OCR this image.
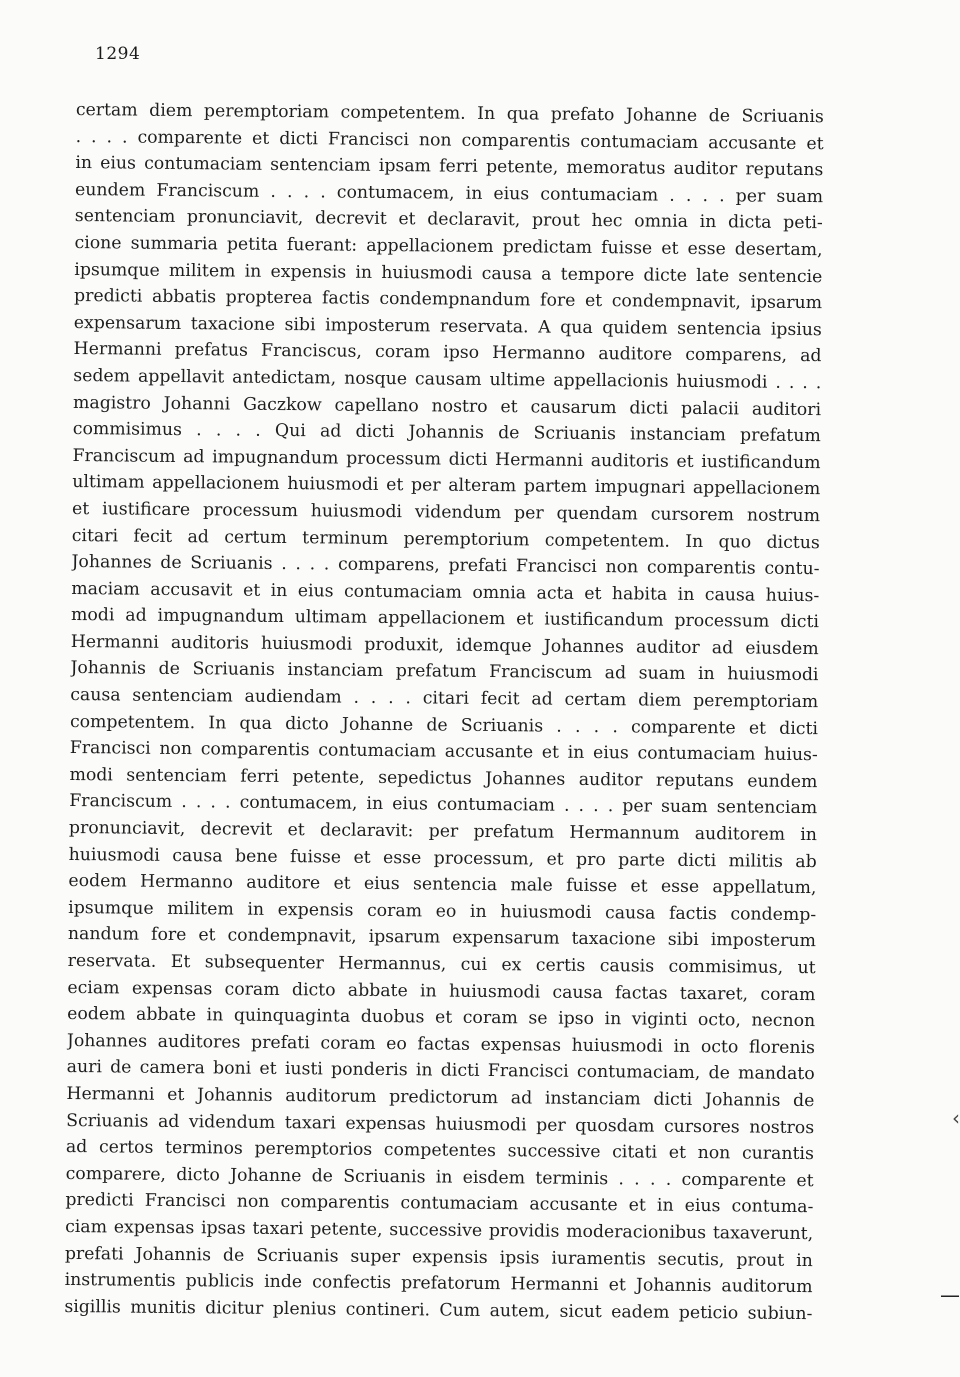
1294
certam diem peremptoriam competentem. In qua prefato Johanne de Scriuanis
. . . . comparente et dicti Francisci non comparentis contumaciam accusante et
in eius contumaciam sentenciam ipsam ferri petente, memoratus auditor reputans
eundem Franciscum . . . . contumacem, in eius contumaciam . . . . per suam
sentenciam pronunciavit, decrevit et declaravit, prout hec omnia in dicta peti-
cione summaria petita fuerant: appellacionem predictam fuisse et esse desertam,
ipsumque militem in expensis in huiusmodi causa a tempore dicte late sentencie
predicti abbatis propterea factis condempnandum fore et condempnavit, ipsarum
expensarum taxacione sibi imposterum reservata. A qua quidem sentencia ipsius
Hermanni prefatus Franciscus, coram ipso Hermanno auditore comparens, ad
sedem appellavit antedictam, nosque causam ultime appellacionis huiusmodi . . . .
magistro Johanni Gaczkow capellano nostro et causarum dicti palacii auditori
commisimus . . . . Qui ad dicti Johannis de Scriuanis instanciam prefatum
Franciscum ad impugnandum processum dicti Hermanni auditoris et iustificandum
ultimam appellacionem huiusmodi et per alteram partem impugnari appellacionem
et iustificare processum huiusmodi videndum per quendam cursorem nostrum
citari fecit ad certum terminum peremptorium competentem. In quo dictus
Johannes de Scriuanis . . . . comparens, prefati Francisci non comparentis contu-
maciam accusavit et in eius contumaciam omnia acta et habita in causa huius-
modi ad impugnandum ultimam appellacionem et iustificandum processum dicti
Hermanni auditoris huiusmodi produxit, idemque Johannes auditor ad eiusdem
Johannis de Scriuanis instanciam prefatum Franciscum ad suam in huiusmodi
causa sentenciam audiendam . . . . citari fecit ad certam diem peremptoriam
competentem. In qua dicto Johanne de Scriuanis . . . . comparente et dicti
Francisci non comparentis contumaciam accusante et in eius contumaciam huius-
modi sentenciam ferri petente, sepedictus Johannes auditor reputans eundem
Franciscum . . . . contumacem, in eius contumaciam . . . . per suam sentenciam
pronunciavit, decrevit et declaravit: per prefatum Hermannum auditorem in
huiusmodi causa bene fuisse et esse processum, et pro parte dicti militis ab
eodem Hermanno auditore et eius sentencia male fuisse et esse appellatum,
ipsumque militem in expensis coram eo in huiusmodi causa factis condemp-
nandum fore et condempnavit, ipsarum expensarum taxacione sibi imposterum
reservata. Et subsequenter Hermannus, cui ex certis causis commisimus, ut
eciam expensas coram dicto abbate in huiusmodi causa factas taxaret, coram
eodem abbate in quinquaginta duobus et coram se ipso in viginti octo, necnon
Johannes auditores prefati coram eo factas expensas huiusmodi in octo florenis
auri de camera boni et iusti ponderis in dicti Francisci contumaciam, de mandato
Hermanni et Johannis auditorum predictorum ad instanciam dicti Johannis de
Scriuanis ad videndum taxari expensas huiusmodi per quosdam cursores nostros
ad certos terminos peremptorios competentes successive citati et non curantis
comparere, dicto Johanne de Scriuanis in eisdem terminis . . . . comparente et
predicti Francisci non comparentis contumaciam accusante et in eius contuma-
ciam expensas ipsas taxari petente, successive providis moderacionibus taxaverunt,
prefati Johannis de Scriuanis super expensis ipsis iuramentis secutis, prout in
instrumentis publicis inde confectis prefatorum Hermanni et Johannis auditorum
sigillis munitis dicitur plenius contineri. Cum autem, sicut eadem peticio subiun-
‹
—
